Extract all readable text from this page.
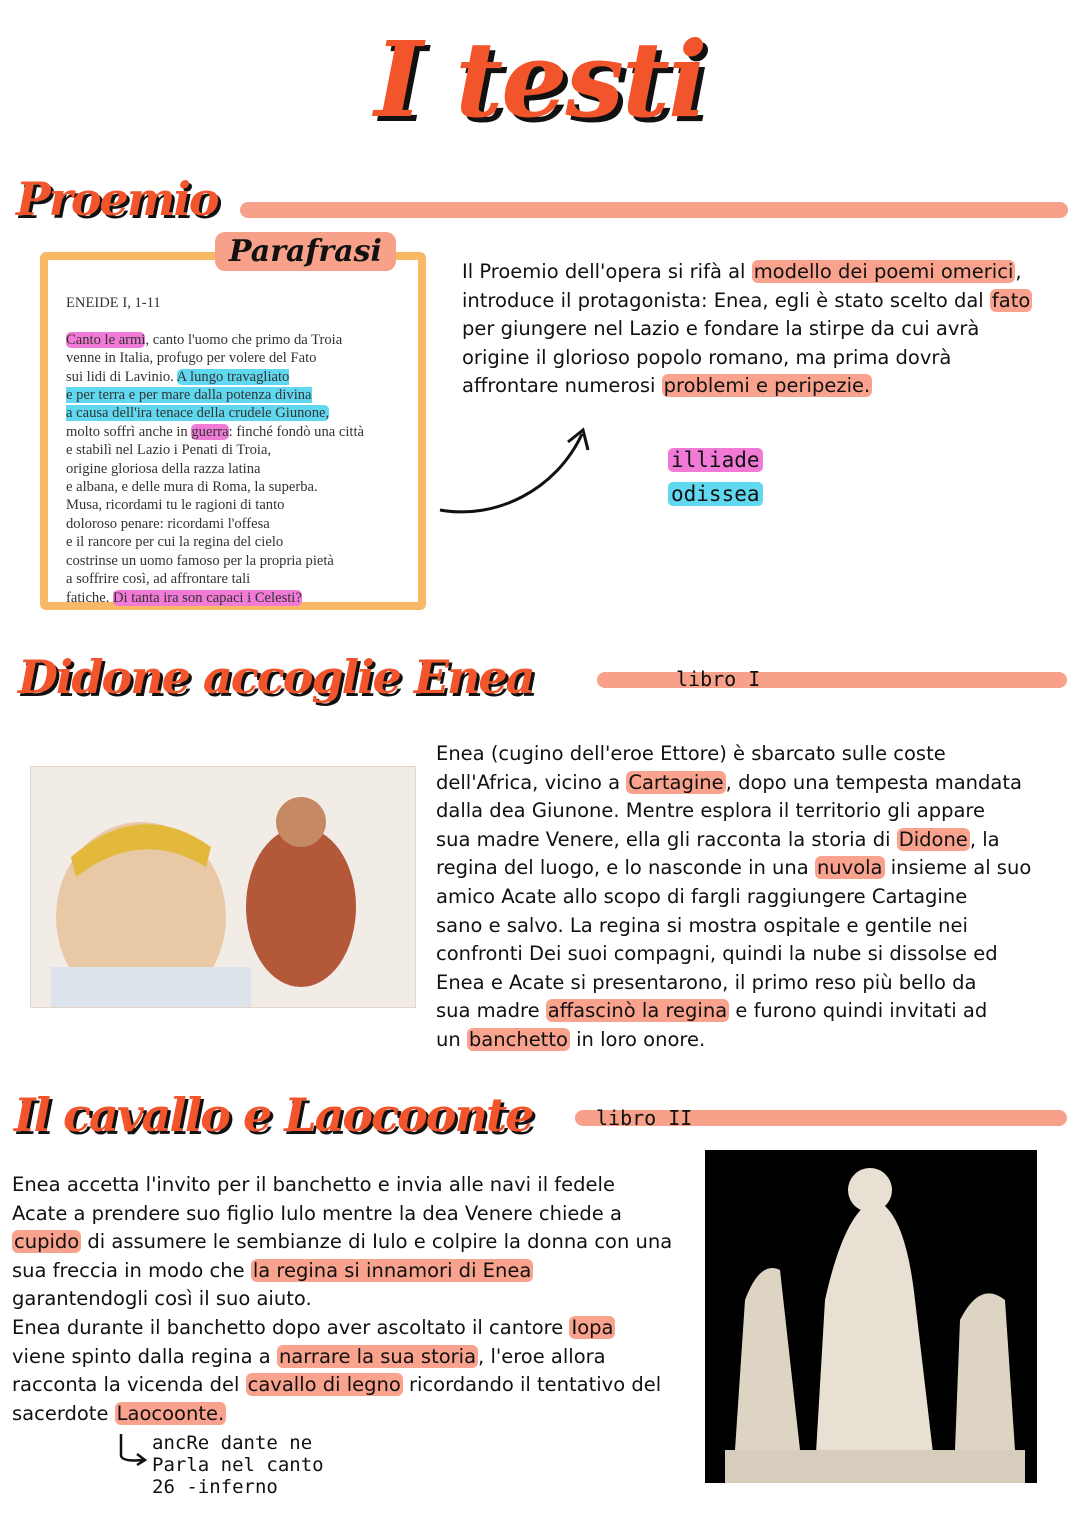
I testi
Proemio
Parafrasi

ENEIDE I, 1-11
Canto le armi, canto l'uomo che primo da Troia
venne in Italia, profugo per volere del Fato
sui lidi di Lavinio. A lungo travagliato
e per terra e per mare dalla potenza divina
a causa dell'ira tenace della crudele Giunone,
molto soffrì anche in guerra: finché fondò una città
e stabilì nel Lazio i Penati di Troia,
origine gloriosa della razza latina
e albana, e delle mura di Roma, la superba.
Musa, ricordami tu le ragioni di tanto
doloroso penare: ricordami l'offesa
e il rancore per cui la regina del cielo
costrinse un uomo famoso per la propria pietà
a soffrire così, ad affrontare tali
fatiche. Di tanta ira son capaci i Celesti?

Il Proemio dell'opera si rifà al modello dei poemi omerici ,
introduce il protagonista: Enea, egli è stato scelto dal fato
per giungere nel Lazio e fondare la stirpe da cui avrà
origine il glorioso popolo romano, ma prima dovrà
affrontare numerosi problemi e peripezie.
illiade
odissea
Didone accoglie Enea	libro I
Enea (cugino dell'eroe Ettore) è sbarcato sulle coste
dell'Africa, vicino a Cartagine , dopo una tempesta mandata
dalla dea Giunone. Mentre esplora il territorio gli appare
sua madre Venere, ella gli racconta la storia di Didone , la
regina del luogo, e lo nasconde in una nuvola insieme al suo
amico Acate allo scopo di fargli raggiungere Cartagine
sano e salvo. La regina si mostra ospitale e gentile nei
confronti Dei suoi compagni, quindi la nube si dissolse ed
Enea e Acate si presentarono, il primo reso più bello da
sua madre affascinò la regina e furono quindi invitati ad
un banchetto in loro onore.
Il cavallo e Laocoonte	libro II
Enea accetta l'invito per il banchetto e invia alle navi il fedele
Acate a prendere suo figlio Iulo mentre la dea Venere chiede a
cupido di assumere le sembianze di Iulo e colpire la donna con una
sua freccia in modo che la regina si innamori di Enea
garantendogli così il suo aiuto.
Enea durante il banchetto dopo aver ascoltato il cantore Iopa
viene spinto dalla regina a narrare la sua storia , l'eroe allora
racconta la vicenda del cavallo di legno ricordando il tentativo del
sacerdote Laocoonte.
ancRe dante ne
Parla nel canto
26 -inferno
